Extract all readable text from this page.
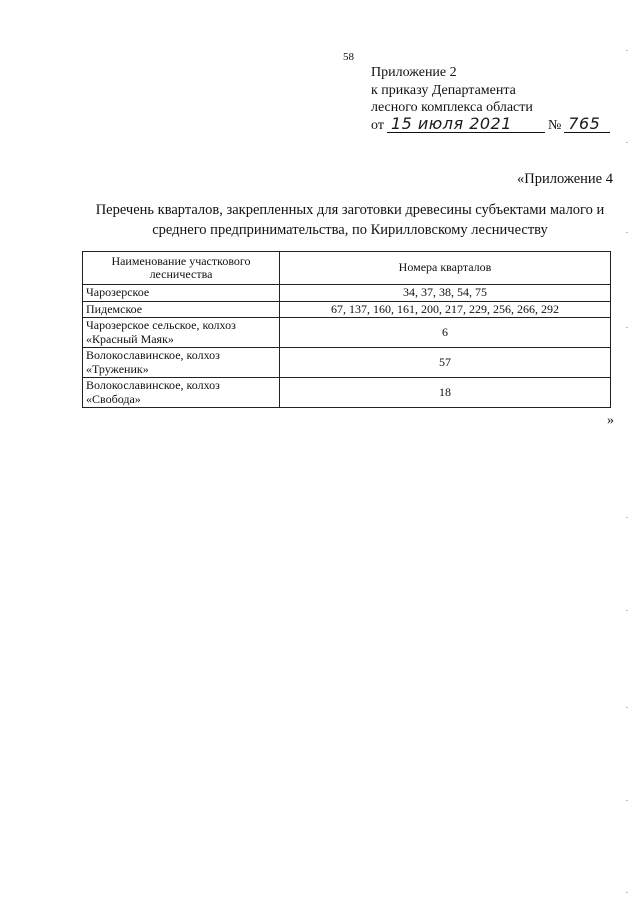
58
Приложение 2
к приказу Департамента
лесного комплекса области
от 15 июля 2021	№ 765
«Приложение 4
Перечень кварталов, закрепленных для заготовки древесины субъектами малого и
среднего предпринимательства, по Кирилловскому лесничеству
Наименование участкового лесничества	Номера кварталов
Чарозерское	34, 37, 38, 54, 75
Пидемское	67, 137, 160, 161, 200, 217, 229, 256, 266, 292
Чарозерское сельское, колхоз «Красный Маяк»	6
Волокославинское, колхоз «Труженик»	57
Волокославинское, колхоз «Свобода»	18
»
.
.
.
.
.
.
.
.
.
